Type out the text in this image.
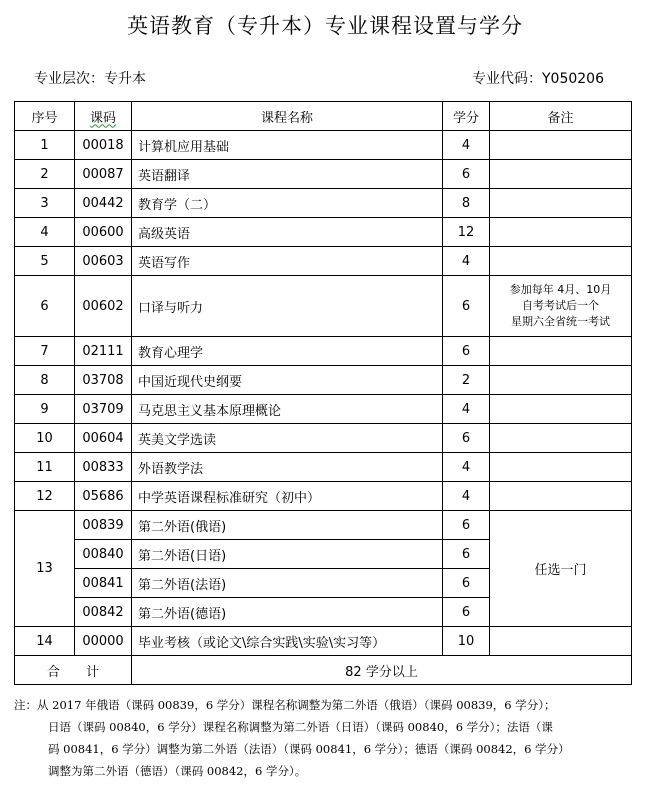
英语教育（专升本）专业课程设置与学分
专业层次：专升本	专业代码：Y050206
序号	课码	课程名称	学分	备注
1	00018	计算机应用基础	4	
2	00087	英语翻译	6	
3	00442	教育学（二）	8	
4	00600	高级英语	12	
5	00603	英语写作	4	
6	00602	口译与听力	6	参加每年 4月、10月
自考考试后一个
星期六全省统一考试

7	02111	教育心理学	6	
8	03708	中国近现代史纲要	2	
9	03709	马克思主义基本原理概论	4	
10	00604	英美文学选读	6	
11	00833	外语教学法	4	
12	05686	中学英语课程标准研究（初中）	4	
13	00839	第二外语(俄语)	6	任选一门
	00840	第二外语(日语)	6	
	00841	第二外语(法语)	6	
	00842	第二外语(德语)	6	
14	00000	毕业考核（或论文\综合实践\实验\实习等）	10	
合　　计		82 学分以上		
注：从 2017 年俄语（课码 00839，6 学分）课程名称调整为第二外语（俄语）（课码 00839，6 学分）；
日语（课码 00840，6 学分）课程名称调整为第二外语（日语）（课码 00840，6 学分）；法语（课
码 00841，6 学分）调整为第二外语（法语）（课码 00841，6 学分）；德语（课码 00842，6 学分）
调整为第二外语（德语）（课码 00842，6 学分）。
